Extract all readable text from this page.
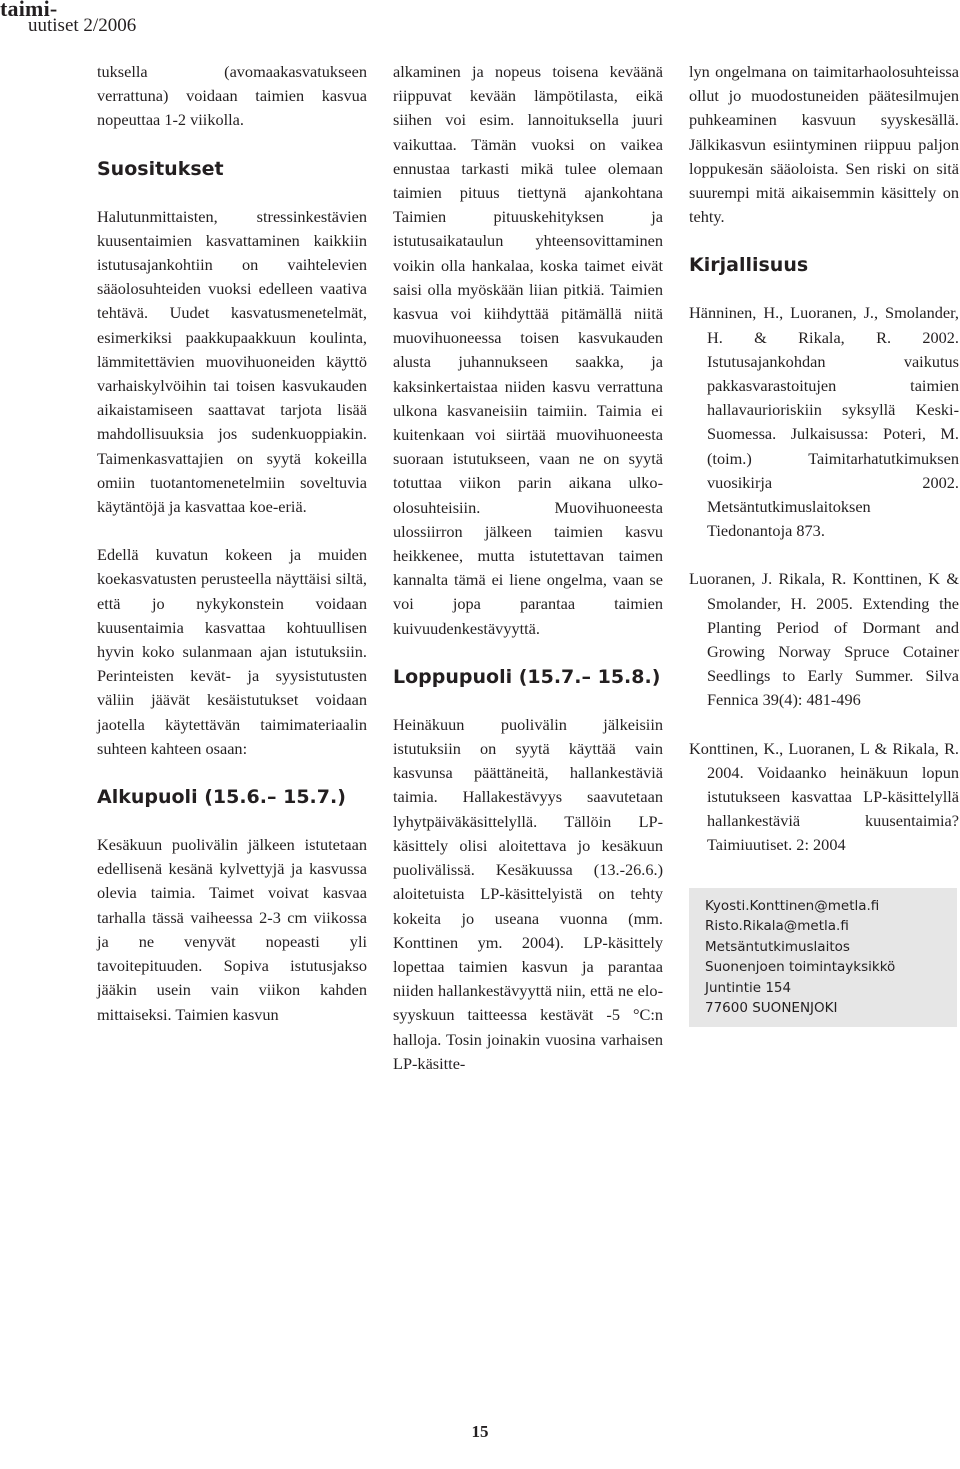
taimi-
uutiset 2/2006

tuksella (avomaakasvatukseen verrattuna) voidaan taimien kasvua nopeuttaa 1-2 viikolla.

Suositukset

Halutunmittaisten, stressinkestävien kuusentaimien kasvattaminen kaikkiin istutusajankohtiin on vaihtelevien sääolosuhteiden vuoksi edelleen vaativa tehtävä. Uudet kasvatusmenetelmät, esimerkiksi paakkupaakkuun koulinta, lämmitettävien muovihuoneiden käyttö varhaiskylvöihin tai toisen kasvukauden aikaistamiseen saattavat tarjota lisää mahdollisuuksia jos sudenkuoppiakin. Taimenkasvattajien on syytä kokeilla omiin tuotantomenetelmiin soveltuvia käytäntöjä ja kasvattaa koe-eriä.

Edellä kuvatun kokeen ja muiden koekasvatusten perusteella näyttäisi siltä, että jo nykykonstein voidaan kuusentaimia kasvattaa kohtuullisen hyvin koko sulanmaan ajan istutuksiin. Perinteisten kevät- ja syysistutusten väliin jäävät kesäistutukset voidaan jaotella käytettävän taimimateriaalin suhteen kahteen osaan:

Alkupuoli (15.6.– 15.7.)

Kesäkuun puolivälin jälkeen istutetaan edellisenä kesänä kylvettyjä ja kasvussa olevia taimia. Taimet voivat kasvaa tarhalla tässä vaiheessa 2-3 cm viikossa ja ne venyvät nopeasti yli tavoitepituuden. Sopiva istutusjakso jääkin usein vain viikon kahden mittaiseksi. Taimien kasvun

alkaminen ja nopeus toisena keväänä riippuvat kevään lämpötilasta, eikä siihen voi esim. lannoituksella juuri vaikuttaa. Tämän vuoksi on vaikea ennustaa tarkasti mikä tulee olemaan taimien pituus tiettynä ajankohtana Taimien pituuskehityksen ja istutusaikataulun yhteensovittaminen voikin olla hankalaa, koska taimet eivät saisi olla myöskään liian pitkiä. Taimien kasvua voi kiihdyttää pitämällä niitä muovihuoneessa toisen kasvukauden alusta juhannukseen saakka, ja kaksinkertaistaa niiden kasvu verrattuna ulkona kasvaneisiin taimiin. Taimia ei kuitenkaan voi siirtää muovihuoneesta suoraan istutukseen, vaan ne on syytä totuttaa viikon parin aikana ulko-olosuhteisiin. Muovihuoneesta ulossiirron jälkeen taimien kasvu heikkenee, mutta istutettavan taimen kannalta tämä ei liene ongelma, vaan se voi jopa parantaa taimien kuivuudenkestävyyttä.

Loppupuoli (15.7.– 15.8.)

Heinäkuun puolivälin jälkeisiin istutuksiin on syytä käyttää vain kasvunsa päättäneitä, hallankestäviä taimia. Hallakestävyys saavutetaan lyhytpäiväkäsittelyllä. Tällöin LP-käsittely olisi aloitettava jo kesäkuun puolivälissä. Kesäkuussa (13.-26.6.) aloitetuista LP-käsittelyistä on tehty kokeita jo useana vuonna (mm. Konttinen ym. 2004). LP-käsittely lopettaa taimien kasvun ja parantaa niiden hallankestävyyttä niin, että ne elo-syyskuun taitteessa kestävät -5 °C:n halloja. Tosin joinakin vuosina varhaisen LP-käsitte-

lyn ongelmana on taimitarhaolosuhteissa ollut jo muodostuneiden päätesilmujen puhkeaminen kasvuun syyskesällä. Jälkikasvun esiintyminen riippuu paljon loppukesän sääoloista. Sen riski on sitä suurempi mitä aikaisemmin käsittely on tehty.

Kirjallisuus

Hänninen, H., Luoranen, J., Smolander, H. & Rikala, R. 2002. Istutusajankohdan vaikutus pakkasvarastoitujen taimien hallavaurioriskiin syksyllä Keski-Suomessa. Julkaisussa: Poteri, M.(toim.) Taimitarhatutkimuksen vuosikirja 2002. Metsäntutkimuslaitoksen Tiedonantoja 873.

Luoranen, J. Rikala, R. Konttinen, K & Smolander, H. 2005. Extending the Planting Period of Dormant and Growing Norway Spruce Cotainer Seedlings to Early Summer. Silva Fennica 39(4): 481-496

Konttinen, K., Luoranen, L & Rikala, R. 2004. Voidaanko heinäkuun lopun istutukseen kasvattaa LP-käsittelyllä hallankestäviä kuusentaimia? Taimiuutiset. 2: 2004

Kyosti.Konttinen@metla.fi
Risto.Rikala@metla.fi
Metsäntutkimuslaitos
Suonenjoen toimintayksikkö
Juntintie 154
77600 SUONENJOKI
15
